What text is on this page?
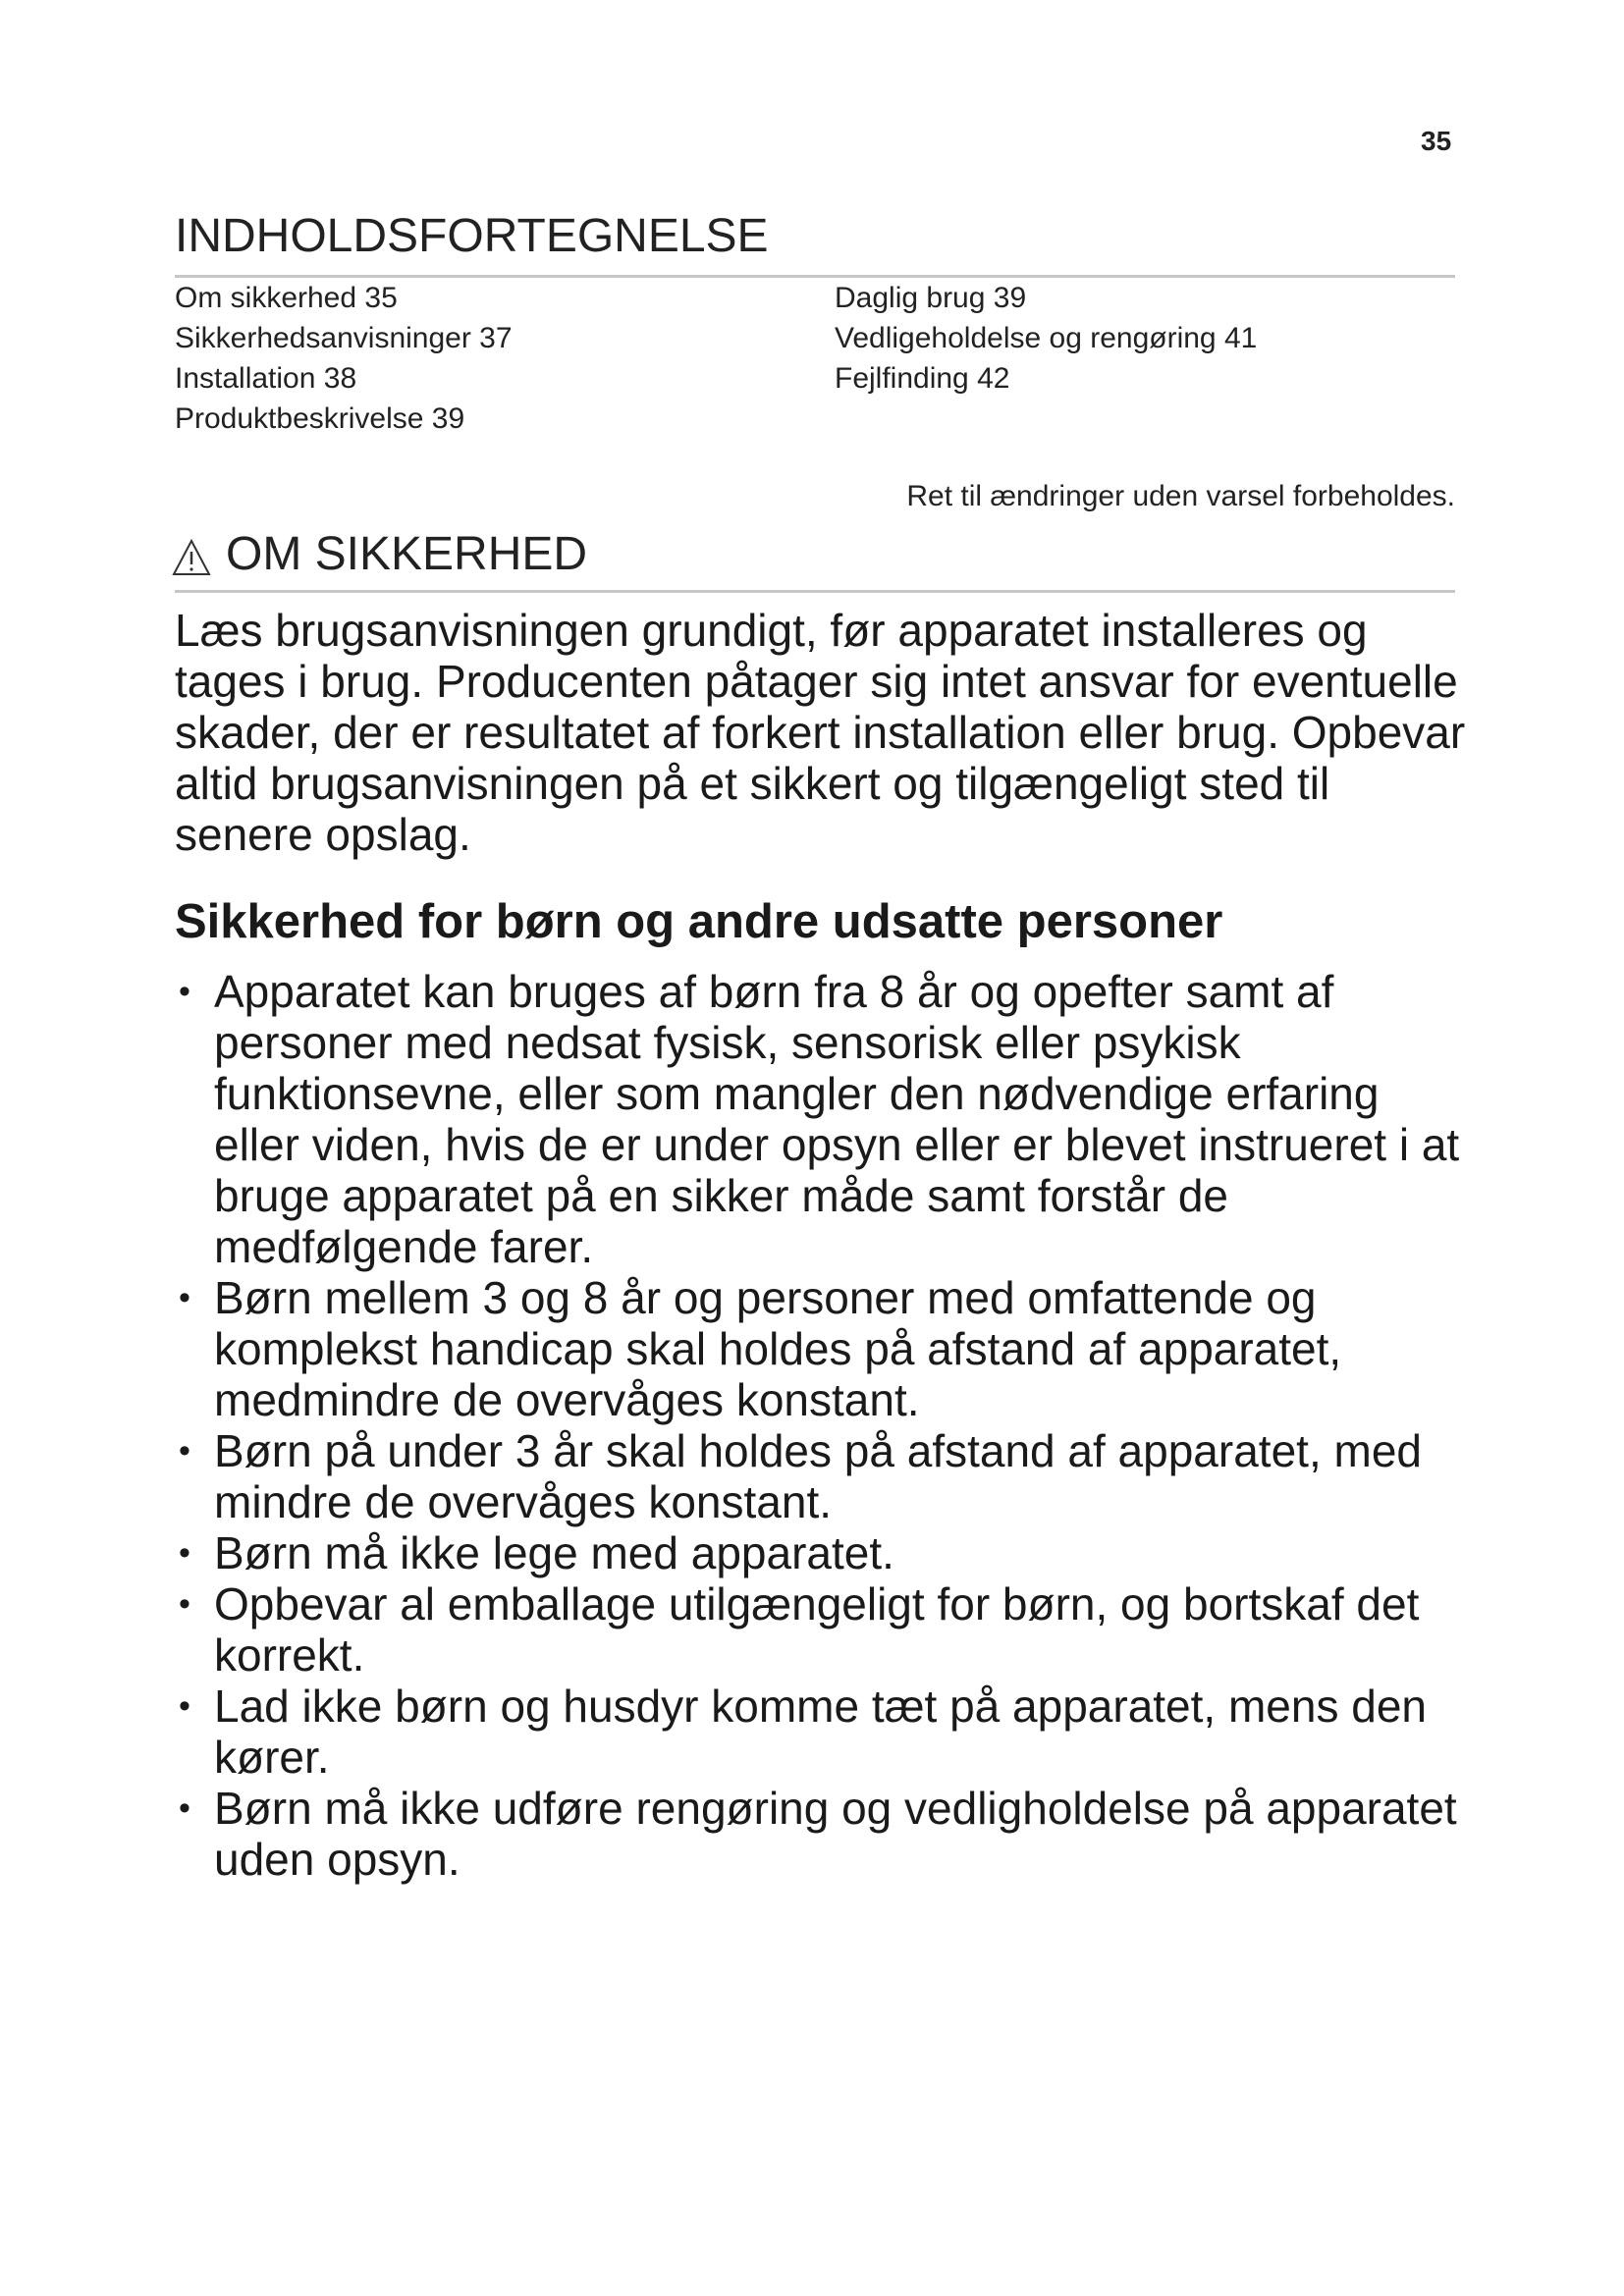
35
INDHOLDSFORTEGNELSE
Om sikkerhed 35
Sikkerhedsanvisninger 37
Installation 38
Produktbeskrivelse 39
Daglig brug 39
Vedligeholdelse og rengøring 41
Fejlfinding 42
Ret til ændringer uden varsel forbeholdes.
OM SIKKERHED

Læs brugsanvisningen grundigt, før apparatet installeres og tages i brug. Producenten påtager sig intet ansvar for eventuelle skader, der er resultatet af forkert installation eller brug. Opbevar altid brugsanvisningen på et sikkert og tilgængeligt sted til senere opslag.

Sikkerhed for børn og andre udsatte personer
• Apparatet kan bruges af børn fra 8 år og opefter samt af personer med nedsat fysisk, sensorisk eller psykisk funktionsevne, eller som mangler den nødvendige erfaring eller viden, hvis de er under opsyn eller er blevet instrueret i at bruge apparatet på en sikker måde samt forstår de medfølgende farer.
• Børn mellem 3 og 8 år og personer med omfattende og komplekst handicap skal holdes på afstand af apparatet, medmindre de overvåges konstant.
• Børn på under 3 år skal holdes på afstand af apparatet, med mindre de overvåges konstant.
• Børn må ikke lege med apparatet.
• Opbevar al emballage utilgængeligt for børn, og bortskaf det korrekt.
• Lad ikke børn og husdyr komme tæt på apparatet, mens den kører.
• Børn må ikke udføre rengøring og vedligholdelse på apparatet uden opsyn.
